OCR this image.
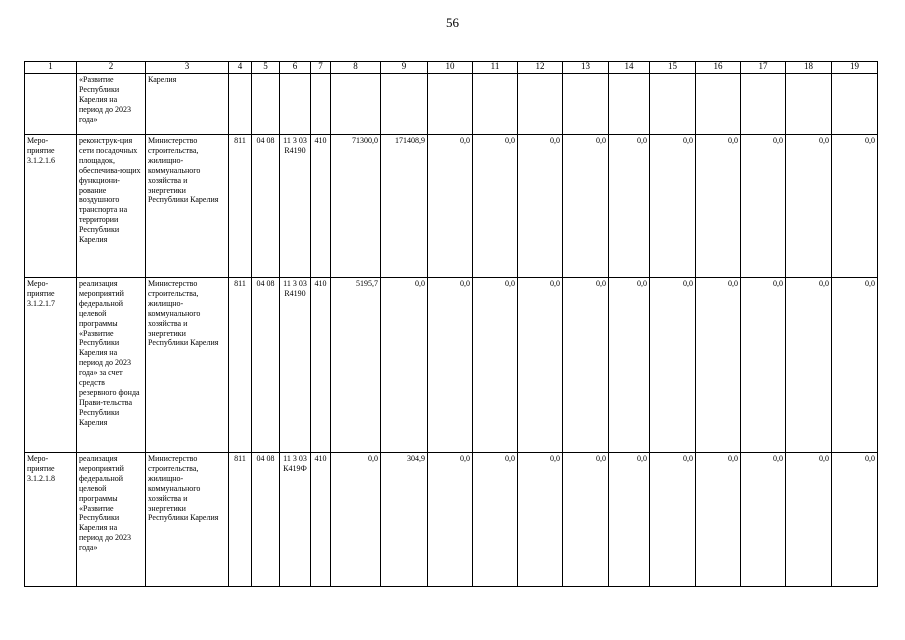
56
1	2	3	4	5	6	7	8	9	10	11	12	13	14	15	16	17	18	19
	«Развитие Республики Карелия на период до 2023 года»	Карелия																
Меро-приятие 3.1.2.1.6	реконструк-ция сети посадочных площадок, обеспечива-ющих функциони-рование воздушного транспорта на территории Республики Карелия	Министерство строительства, жилищно-коммунального хозяйства и энергетики Республики Карелия	811	04 08	11 3 03 R4190	410	71300,0	171408,9	0,0	0,0	0,0	0,0	0,0	0,0	0,0	0,0	0,0	0,0
Меро-приятие 3.1.2.1.7	реализация мероприятий федеральной целевой программы «Развитие Республики Карелия на период до 2023 года» за счет средств резервного фонда Прави-тельства Республики Карелия	Министерство строительства, жилищно-коммунального хозяйства и энергетики Республики Карелия	811	04 08	11 3 03 R4190	410	5195,7	0,0	0,0	0,0	0,0	0,0	0,0	0,0	0,0	0,0	0,0	0,0
Меро-приятие 3.1.2.1.8	реализация мероприятий федеральной целевой программы «Развитие Республики Карелия на период до 2023 года»	Министерство строительства, жилищно-коммунального хозяйства и энергетики Республики Карелия	811	04 08	11 3 03 К419Ф	410	0,0	304,9	0,0	0,0	0,0	0,0	0,0	0,0	0,0	0,0	0,0	0,0
